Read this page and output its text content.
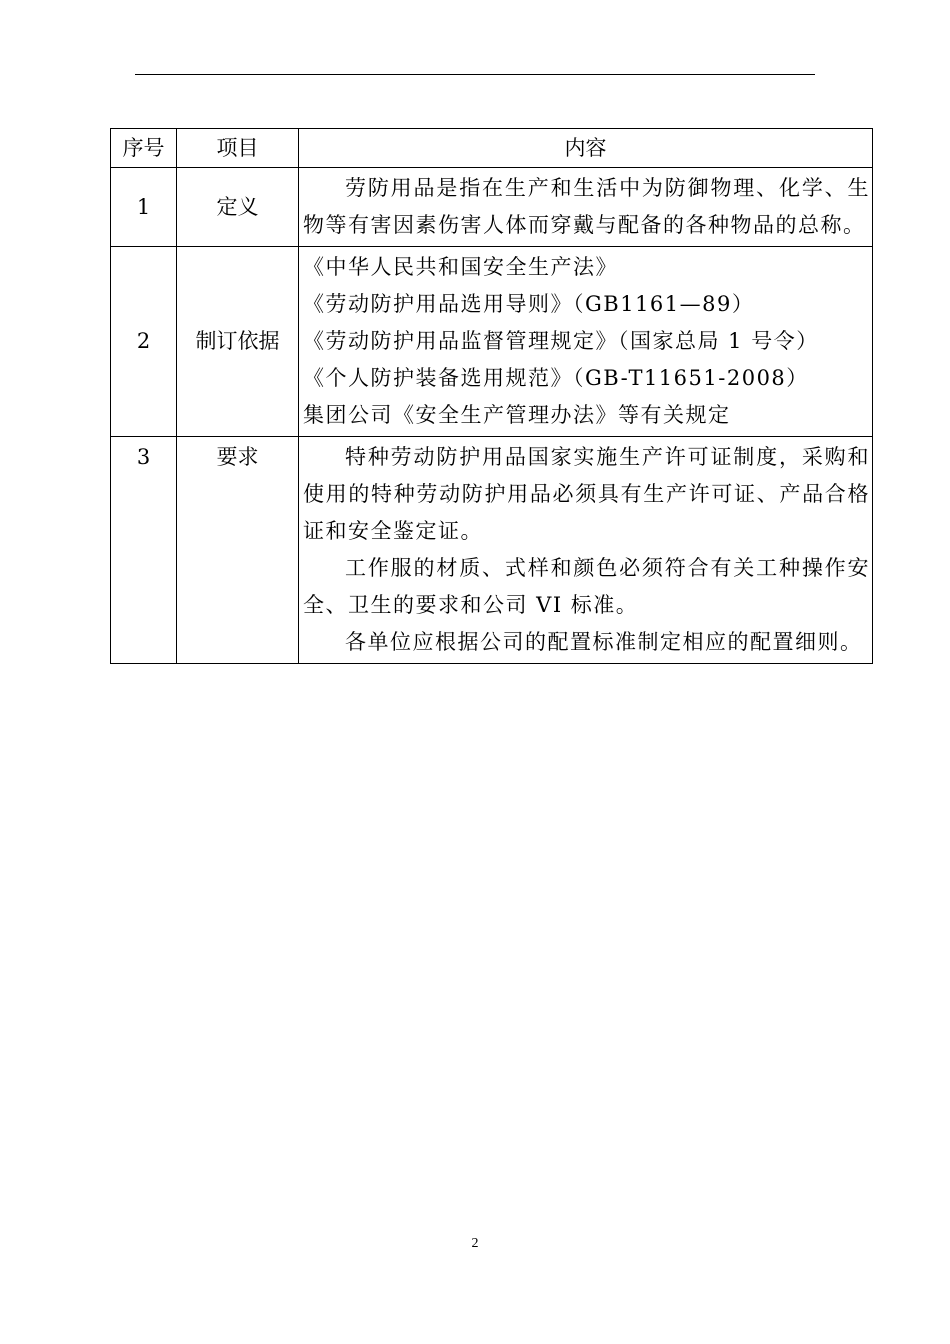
序号	项目	内容
1	定义	劳防用品是指在生产和生活中为防御物理、化学、生物等有害因素伤害人体而穿戴与配备的各种物品的总称。

2	制订依据	《中华人民共和国安全生产法》

《劳动防护用品选用导则》（GB1161—89）

《劳动防护用品监督管理规定》（国家总局 1 号令）

《个人防护装备选用规范》（GB-T11651-2008）

集团公司《安全生产管理办法》等有关规定

3	要求	特种劳动防护用品国家实施生产许可证制度，采购和使用的特种劳动防护用品必须具有生产许可证、产品合格证和安全鉴定证。

工作服的材质、式样和颜色必须符合有关工种操作安全、卫生的要求和公司 VI 标准。

各单位应根据公司的配置标准制定相应的配置细则。

2
